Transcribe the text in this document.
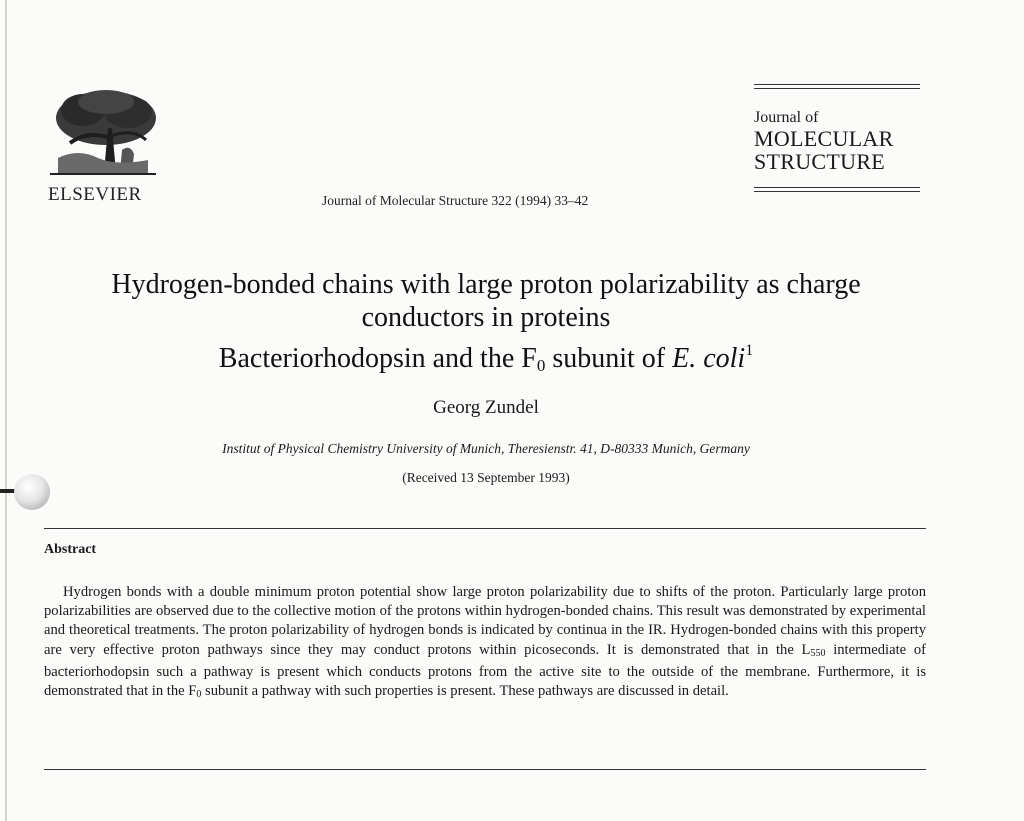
ELSEVIER	Journal of Molecular Structure 322 (1994) 33–42
Journal of
MOLECULAR
STRUCTURE
Hydrogen-bonded chains with large proton polarizability as charge
conductors in proteins
Bacteriorhodopsin and the $F_0$ subunit of E. coli$^1$
Georg Zundel
Institut of Physical Chemistry University of Munich, Theresienstr. 41, D-80333 Munich, Germany
(Received 13 September 1993)
Abstract
Hydrogen bonds with a double minimum proton potential show large proton polarizability due to shifts of the proton. Particularly large proton polarizabilities are observed due to the collective motion of the protons within hydrogen-bonded chains. This result was demonstrated by experimental and theoretical treatments. The proton polarizability of hydrogen bonds is indicated by continua in the IR. Hydrogen-bonded chains with this property are very effective proton pathways since they may conduct protons within picoseconds. It is demonstrated that in the $L_{550}$ intermediate of bacteriorhodopsin such a pathway is present which conducts protons from the active site to the outside of the membrane. Furthermore, it is demonstrated that in the $F_0$ subunit a pathway with such properties is present. These pathways are discussed in detail.
